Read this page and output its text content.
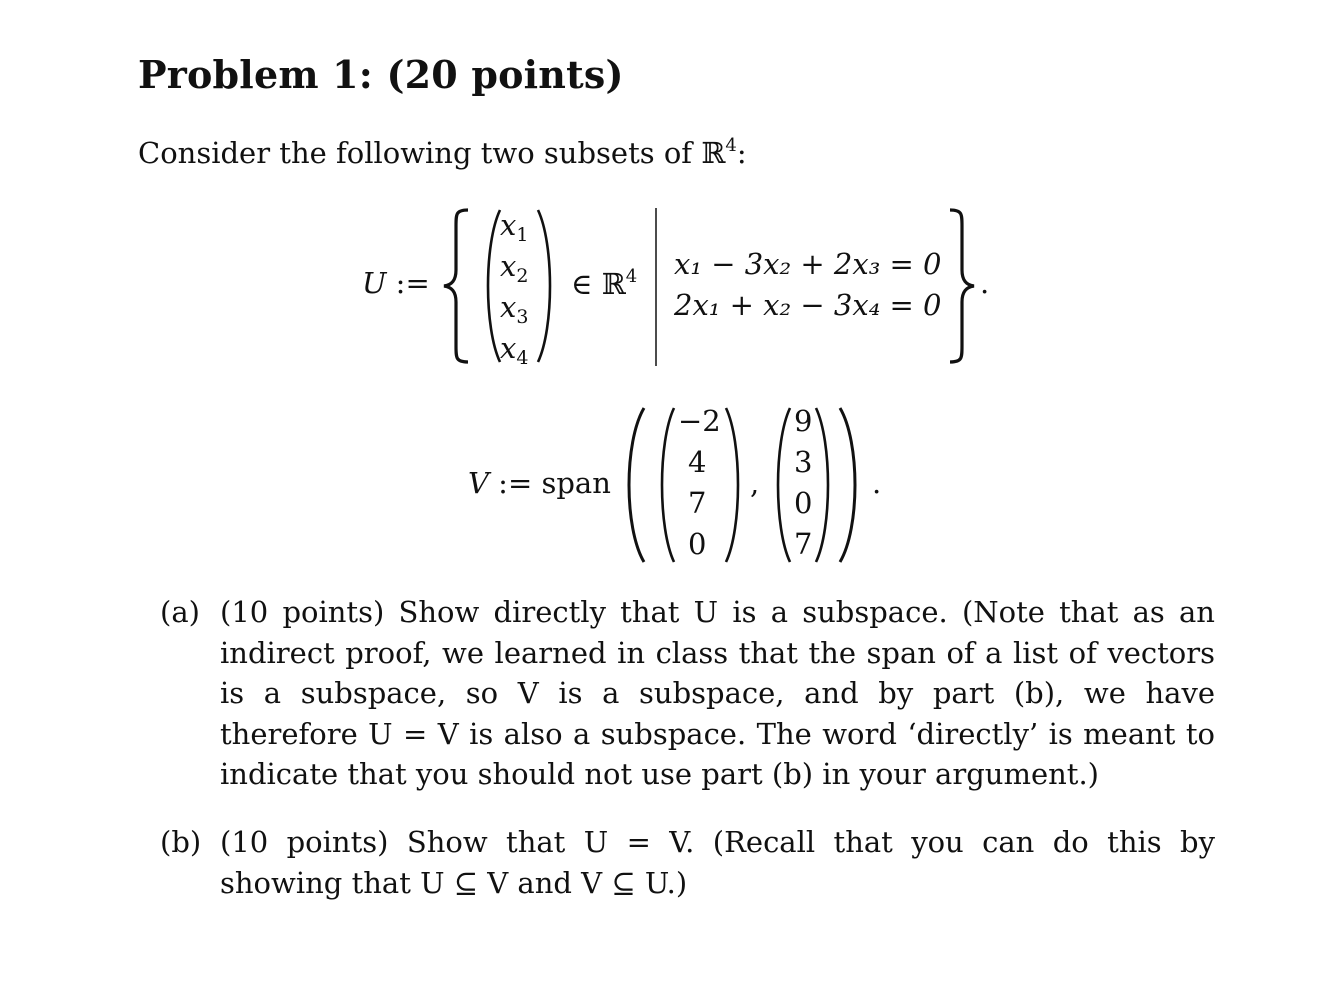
Problem 1: (20 points)
Consider the following two subsets of ℝ$^4$:
U :=
$x_1$
$x_2$
$x_3$
$x_4$
∈ ℝ$^4$ x₁ − 3x₂ + 2x₃ = 0
2x₁ + x₂ − 3x₄ = 0
.
V := span
−2
4
7
0
,
9
3
0
7
.
(a) (10 points) Show directly that U is a subspace. (Note that as an indirect proof, we learned in class that the span of a list of vectors is a subspace, so V is a subspace, and by part (b), we have therefore U = V is also a subspace. The word ‘directly’ is meant to indicate that you should not use part (b) in your argument.)
(b) (10 points) Show that U = V. (Recall that you can do this by showing that U ⊆ V and V ⊆ U.)
